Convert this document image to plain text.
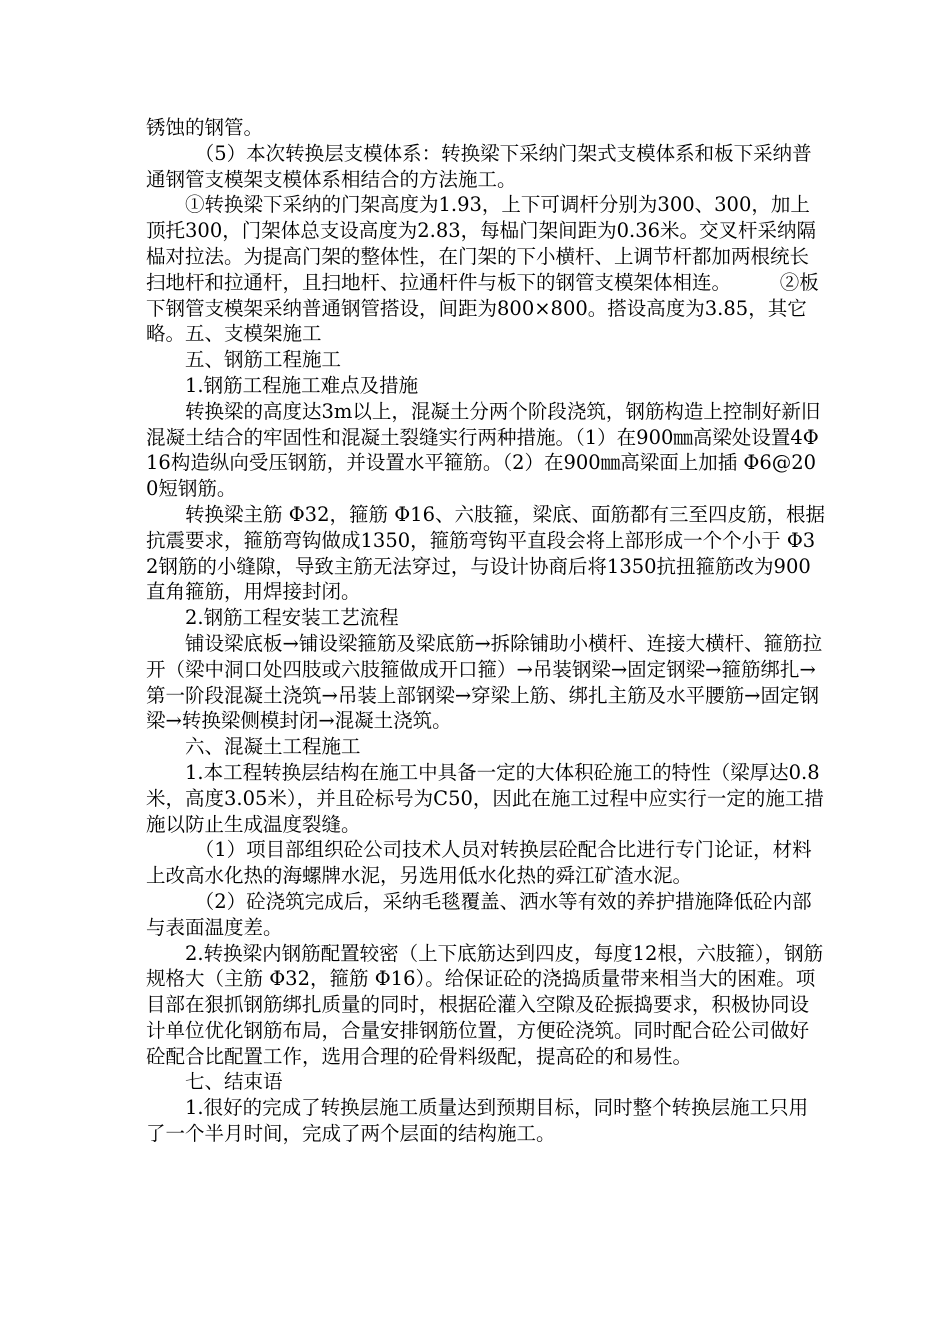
锈蚀的钢管。

（5）本次转换层支模体系：转换梁下采纳门架式支模体系和板下采纳普通钢管支模架支模体系相结合的方法施工。

①转换梁下采纳的门架高度为1.93，上下可调杆分别为300、300，加上顶托300，门架体总支设高度为2.83，每榀门架间距为0.36米。交叉杆采纳隔榀对拉法。为提高门架的整体性，在门架的下小横杆、上调节杆都加两根统长扫地杆和拉通杆，且扫地杆、拉通杆件与板下的钢管支模架体相连。　　　②板下钢管支模架采纳普通钢管搭设，间距为800×800。搭设高度为3.85，其它略。五、支模架施工

五、钢筋工程施工

1.钢筋工程施工难点及措施

转换梁的高度达3m以上，混凝土分两个阶段浇筑，钢筋构造上控制好新旧混凝土结合的牢固性和混凝土裂缝实行两种措施。（1）在900㎜高梁处设置4Φ16构造纵向受压钢筋，并设置水平箍筋。（2）在900㎜高梁面上加插 Φ6@200短钢筋。

转换梁主筋 Φ32，箍筋 Φ16、六肢箍，梁底、面筋都有三至四皮筋，根据抗震要求，箍筋弯钩做成1350，箍筋弯钩平直段会将上部形成一个个小于 Φ32钢筋的小缝隙，导致主筋无法穿过，与设计协商后将1350抗扭箍筋改为900直角箍筋，用焊接封闭。

2.钢筋工程安装工艺流程

铺设梁底板→铺设梁箍筋及梁底筋→拆除铺助小横杆、连接大横杆、箍筋拉开（梁中洞口处四肢或六肢箍做成开口箍）→吊装钢梁→固定钢梁→箍筋绑扎→第一阶段混凝土浇筑→吊装上部钢梁→穿梁上筋、绑扎主筋及水平腰筋→固定钢梁→转换梁侧模封闭→混凝土浇筑。

六、混凝土工程施工

1.本工程转换层结构在施工中具备一定的大体积砼施工的特性（梁厚达0.8米，高度3.05米），并且砼标号为C50，因此在施工过程中应实行一定的施工措施以防止生成温度裂缝。

（1）项目部组织砼公司技术人员对转换层砼配合比进行专门论证，材料上改高水化热的海螺牌水泥，另选用低水化热的舜江矿渣水泥。

（2）砼浇筑完成后，采纳毛毯覆盖、洒水等有效的养护措施降低砼内部与表面温度差。

2.转换梁内钢筋配置较密（上下底筋达到四皮，每度12根，六肢箍），钢筋规格大（主筋 Φ32，箍筋 Φ16）。给保证砼的浇捣质量带来相当大的困难。项目部在狠抓钢筋绑扎质量的同时，根据砼灌入空隙及砼振捣要求，积极协同设计单位优化钢筋布局，合量安排钢筋位置，方便砼浇筑。同时配合砼公司做好砼配合比配置工作，选用合理的砼骨料级配，提高砼的和易性。

七、结束语

1.很好的完成了转换层施工质量达到预期目标，同时整个转换层施工只用了一个半月时间，完成了两个层面的结构施工。
